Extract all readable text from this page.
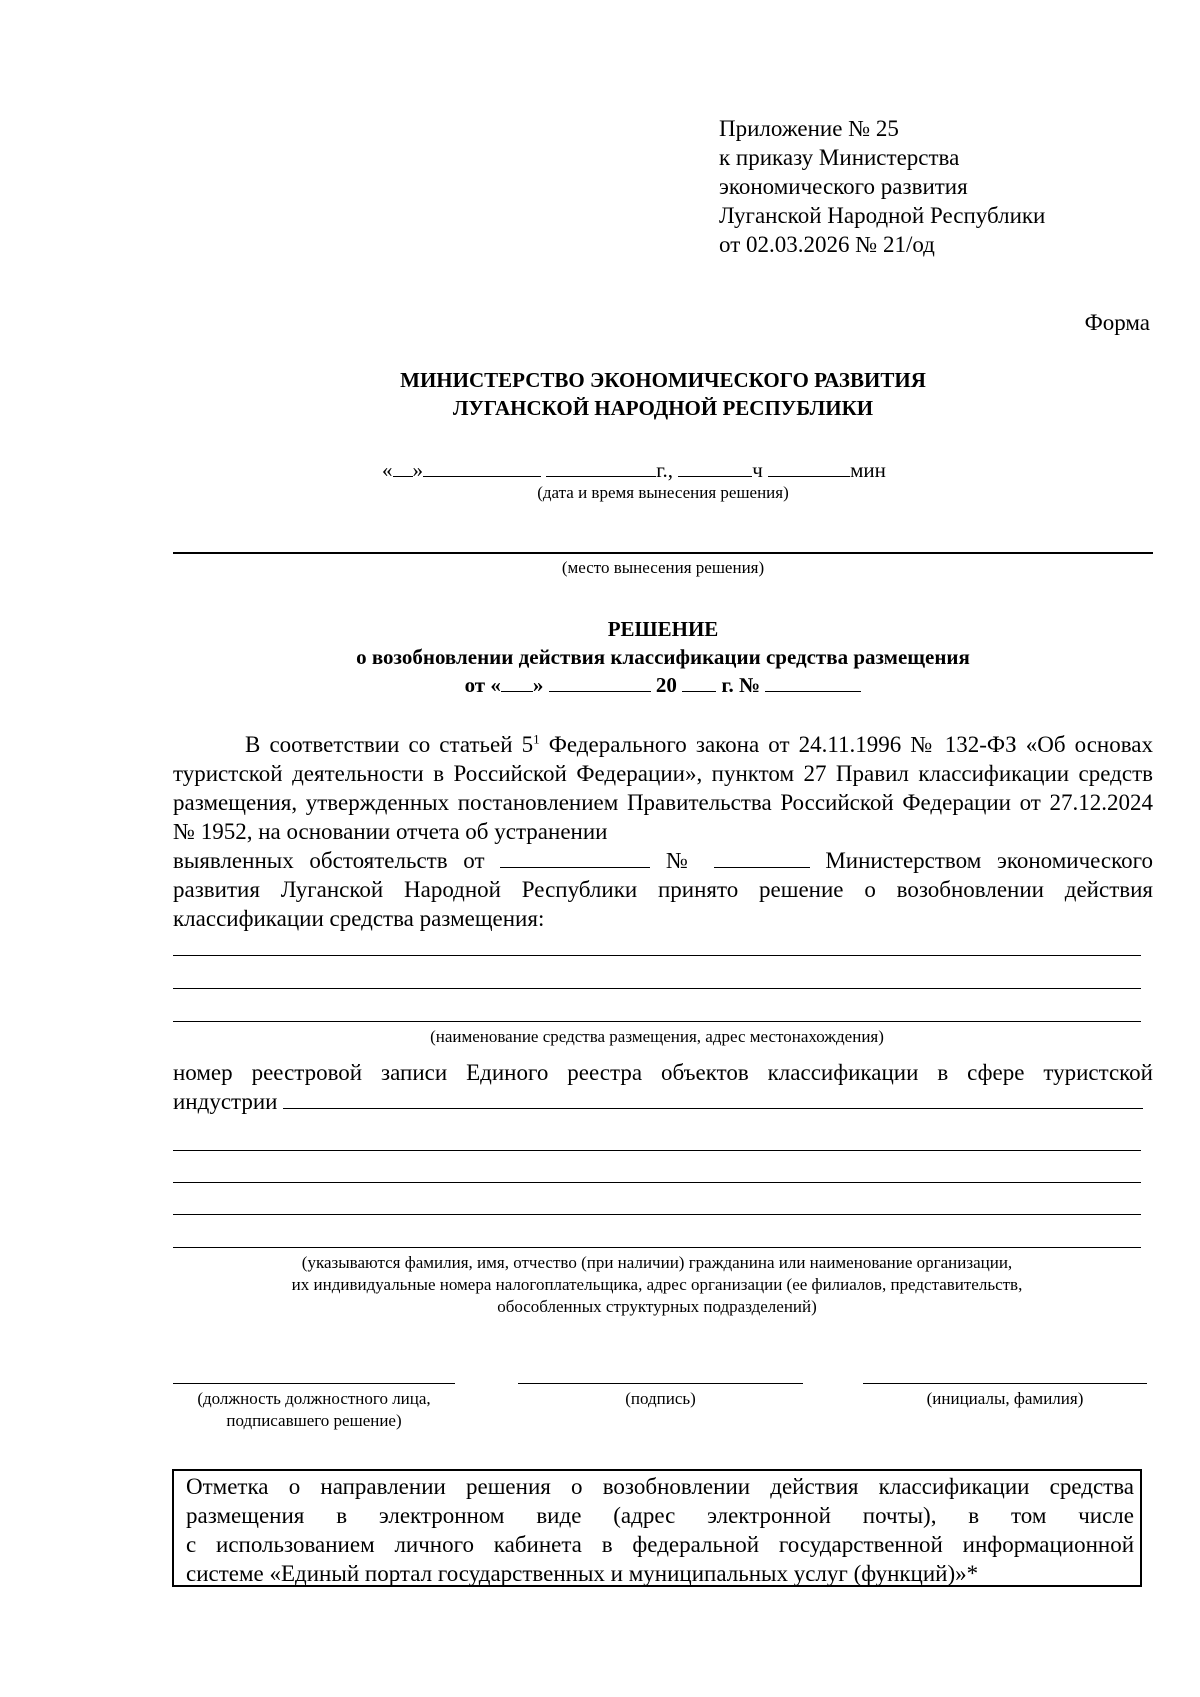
Приложение № 25
к приказу Министерства
экономического развития
Луганской Народной Республики
от 02.03.2026 № 21/од
Форма
МИНИСТЕРСТВО ЭКОНОМИЧЕСКОГО РАЗВИТИЯ
ЛУГАНСКОЙ НАРОДНОЙ РЕСПУБЛИКИ
« »	г.,	ч	мин
(дата и время вынесения решения)
(место вынесения решения)
РЕШЕНИЕ
о возобновлении действия классификации средства размещения
от « »	20 г. №
В соответствии со статьей $5^1$ Федерального закона от 24.11.1996 № 132-ФЗ «Об основах туристской деятельности в Российской Федерации», пунктом 27 Правил классификации средств размещения, утвержденных постановлением Правительства Российской Федерации от 27.12.2024 № 1952, на основании отчета об устранении
выявленных обстоятельств от	№	Министерством экономического
развития Луганской Народной Республики принято решение о возобновлении действия классификации средства размещения:
(наименование средства размещения, адрес местонахождения)
номер реестровой записи Единого реестра объектов классификации в сфере туристской
индустрии
(указываются фамилия, имя, отчество (при наличии) гражданина или наименование организации,
их индивидуальные номера налогоплательщика, адрес организации (ее филиалов, представительств,
обособленных структурных подразделений)
(должность должностного лица,
подписавшего решение)
(подпись)	(инициалы, фамилия)
Отметка о направлении решения о возобновлении действия классификации средства
размещения в электронном виде (адрес электронной почты), в том числе
с использованием личного кабинета в федеральной государственной информационной
системе «Единый портал государственных и муниципальных услуг (функций)»*
